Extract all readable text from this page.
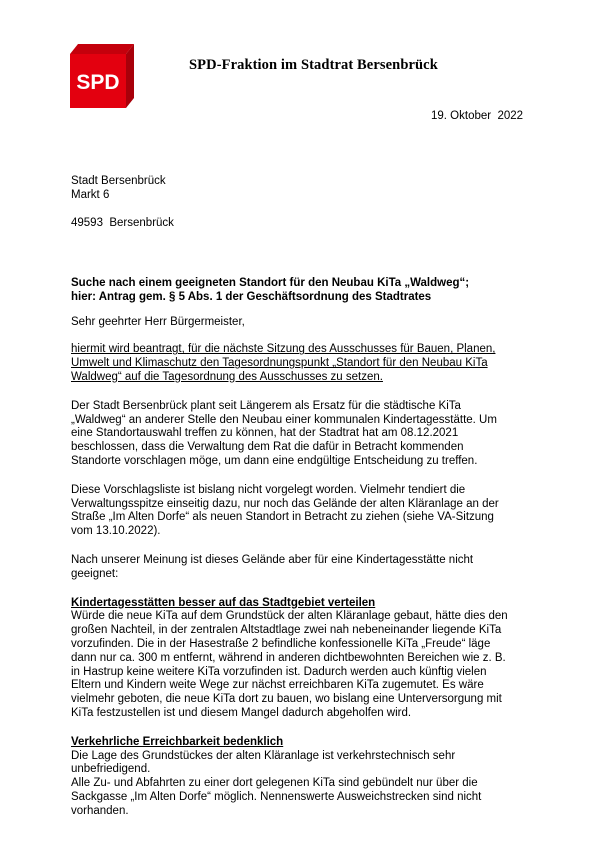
SPD
SPD-Fraktion im Stadtrat Bersenbrück
19. Oktober  2022
Stadt Bersenbrück
Markt 6
49593  Bersenbrück
Suche nach einem geeigneten Standort für den Neubau KiTa „Waldweg“;
hier: Antrag gem. § 5 Abs. 1 der Geschäftsordnung des Stadtrates
Sehr geehrter Herr Bürgermeister,
hiermit wird beantragt, für die nächste Sitzung des Ausschusses für Bauen, Planen,
Umwelt und Klimaschutz den Tagesordnungspunkt „Standort für den Neubau KiTa
Waldweg“ auf die Tagesordnung des Ausschusses zu setzen.
Der Stadt Bersenbrück plant seit Längerem als Ersatz für die städtische KiTa
„Waldweg“ an anderer Stelle den Neubau einer kommunalen Kindertagesstätte. Um
eine Standortauswahl treffen zu können, hat der Stadtrat hat am 08.12.2021
beschlossen, dass die Verwaltung dem Rat die dafür in Betracht kommenden
Standorte vorschlagen möge, um dann eine endgültige Entscheidung zu treffen.
Diese Vorschlagsliste ist bislang nicht vorgelegt worden. Vielmehr tendiert die
Verwaltungsspitze einseitig dazu, nur noch das Gelände der alten Kläranlage an der
Straße „Im Alten Dorfe“ als neuen Standort in Betracht zu ziehen (siehe VA-Sitzung
vom 13.10.2022).
Nach unserer Meinung ist dieses Gelände aber für eine Kindertagesstätte nicht
geeignet:
Kindertagesstätten besser auf das Stadtgebiet verteilen
Würde die neue KiTa auf dem Grundstück der alten Kläranlage gebaut, hätte dies den
großen Nachteil, in der zentralen Altstadtlage zwei nah nebeneinander liegende KiTa
vorzufinden. Die in der Hasestraße 2 befindliche konfessionelle KiTa „Freude“ läge
dann nur ca. 300 m entfernt, während in anderen dichtbewohnten Bereichen wie z. B.
in Hastrup keine weitere KiTa vorzufinden ist. Dadurch werden auch künftig vielen
Eltern und Kindern weite Wege zur nächst erreichbaren KiTa zugemutet. Es wäre
vielmehr geboten, die neue KiTa dort zu bauen, wo bislang eine Unterversorgung mit
KiTa festzustellen ist und diesem Mangel dadurch abgeholfen wird.
Verkehrliche Erreichbarkeit bedenklich
Die Lage des Grundstückes der alten Kläranlage ist verkehrstechnisch sehr
unbefriedigend.
Alle Zu- und Abfahrten zu einer dort gelegenen KiTa sind gebündelt nur über die
Sackgasse „Im Alten Dorfe“ möglich. Nennenswerte Ausweichstrecken sind nicht
vorhanden.
